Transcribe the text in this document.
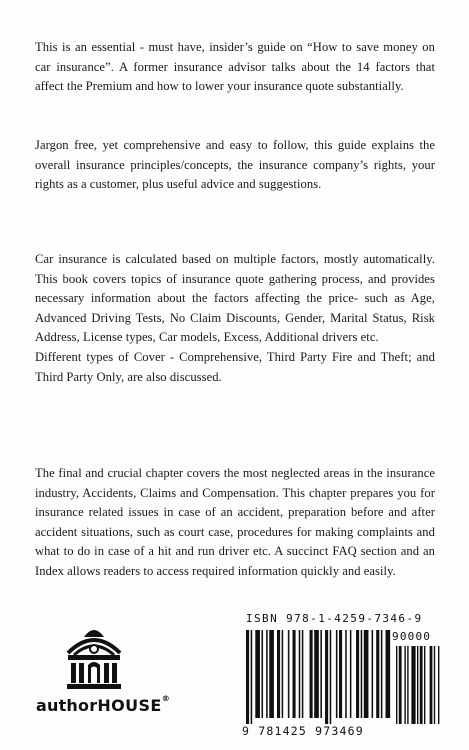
This is an essential - must have, insider’s guide on “How to save money on car insurance”. A former insurance advisor talks about the 14 factors that affect the Premium and how to lower your insurance quote substantially.

Jargon free, yet comprehensive and easy to follow, this guide explains the overall insurance principles/concepts, the insurance company’s rights, your rights as a customer, plus useful advice and suggestions.

Car insurance is calculated based on multiple factors, mostly automatically. This book covers topics of insurance quote gathering process, and provides necessary information about the factors affecting the price- such as Age, Advanced Driving Tests, No Claim Discounts, Gender, Marital Status, Risk Address, License types, Car models, Excess, Additional drivers etc.

Different types of Cover - Comprehensive, Third Party Fire and Theft; and Third Party Only, are also discussed.

The final and crucial chapter covers the most neglected areas in the insurance industry, Accidents, Claims and Compensation. This chapter prepares you for insurance related issues in case of an accident, preparation before and after accident situations, such as court case, procedures for making complaints and what to do in case of a hit and run driver etc. A succinct FAQ section and an Index allows readers to access required information quickly and easily.

authorHOUSE®
ISBN 978-1-4259-7346-9
90000
9 781425 973469
